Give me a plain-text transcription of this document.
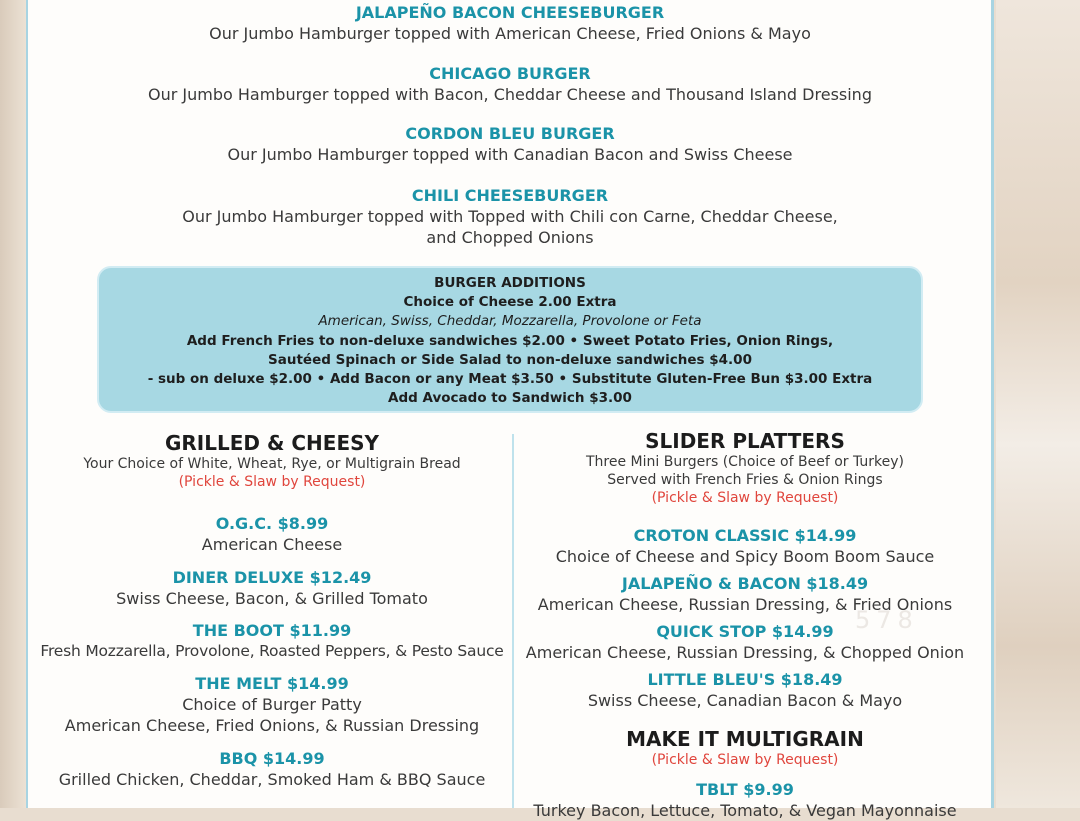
JALAPEÑO BACON CHEESEBURGER
Our Jumbo Hamburger topped with American Cheese, Fried Onions & Mayo
CHICAGO BURGER
Our Jumbo Hamburger topped with Bacon, Cheddar Cheese and Thousand Island Dressing
CORDON BLEU BURGER
Our Jumbo Hamburger topped with Canadian Bacon and Swiss Cheese
CHILI CHEESEBURGER
Our Jumbo Hamburger topped with Topped with Chili con Carne, Cheddar Cheese,
and Chopped Onions
BURGER ADDITIONS
Choice of Cheese 2.00 Extra
American, Swiss, Cheddar, Mozzarella, Provolone or Feta
Add French Fries to non-deluxe sandwiches $2.00 • Sweet Potato Fries, Onion Rings,
Sautéed Spinach or Side Salad to non-deluxe sandwiches $4.00
- sub on deluxe $2.00 • Add Bacon or any Meat $3.50 • Substitute Gluten-Free Bun $3.00 Extra
Add Avocado to Sandwich $3.00
GRILLED & CHEESY
Your Choice of White, Wheat, Rye, or Multigrain Bread
(Pickle & Slaw by Request)
O.G.C. $8.99
American Cheese
DINER DELUXE $12.49
Swiss Cheese, Bacon, & Grilled Tomato
THE BOOT $11.99
Fresh Mozzarella, Provolone, Roasted Peppers, & Pesto Sauce
THE MELT $14.99
Choice of Burger Patty
American Cheese, Fried Onions, & Russian Dressing
BBQ $14.99
Grilled Chicken, Cheddar, Smoked Ham & BBQ Sauce
SLIDER PLATTERS
Three Mini Burgers (Choice of Beef or Turkey)
Served with French Fries & Onion Rings
(Pickle & Slaw by Request)
CROTON CLASSIC $14.99
Choice of Cheese and Spicy Boom Boom Sauce
JALAPEÑO & BACON $18.49
American Cheese, Russian Dressing, & Fried Onions
QUICK STOP $14.99
American Cheese, Russian Dressing, & Chopped Onion
LITTLE BLEU'S $18.49
Swiss Cheese, Canadian Bacon & Mayo
MAKE IT MULTIGRAIN
(Pickle & Slaw by Request)
TBLT $9.99
Turkey Bacon, Lettuce, Tomato, & Vegan Mayonnaise
578
